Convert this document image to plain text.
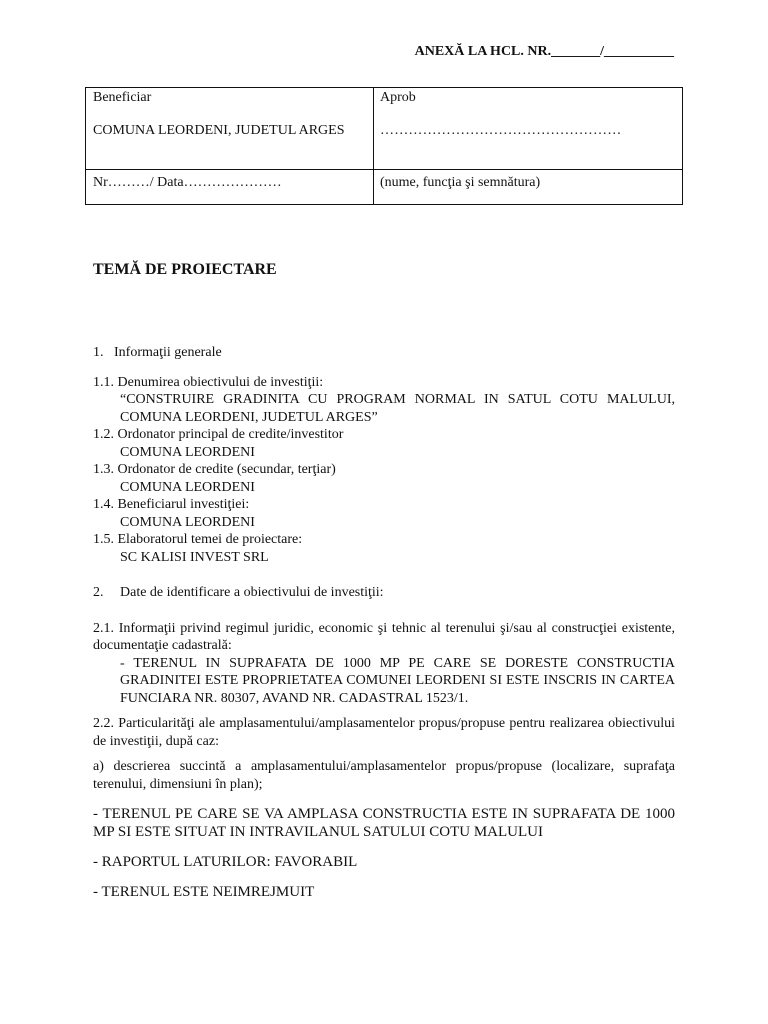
ANEXĂ LA HCL. NR._______/__________
Beneficiar
COMUNA LEORDENI, JUDETUL ARGES
Aprob
……………………………………………
Nr………/ Data…………………	(nume, funcţia şi semnătura)
TEMĂ DE PROIECTARE

1. Informaţii generale

1.1. Denumirea obiectivului de investiţii:

“CONSTRUIRE GRADINITA CU PROGRAM NORMAL IN SATUL COTU MALULUI, COMUNA LEORDENI, JUDETUL ARGES”

1.2. Ordonator principal de credite/investitor

COMUNA LEORDENI

1.3. Ordonator de credite (secundar, terţiar)

COMUNA LEORDENI

1.4. Beneficiarul investiţiei:

COMUNA LEORDENI

1.5. Elaboratorul temei de proiectare:

SC KALISI INVEST SRL

2. Date de identificare a obiectivului de investiţii:

2.1. Informaţii privind regimul juridic, economic şi tehnic al terenului şi/sau al construcţiei existente, documentaţie cadastrală:

- TERENUL IN SUPRAFATA DE 1000 MP PE CARE SE DORESTE CONSTRUCTIA GRADINITEI ESTE PROPRIETATEA COMUNEI LEORDENI SI ESTE INSCRIS IN CARTEA FUNCIARA NR. 80307, AVAND NR. CADASTRAL 1523/1.

2.2. Particularităţi ale amplasamentului/amplasamentelor propus/propuse pentru realizarea obiectivului de investiţii, după caz:

a) descrierea succintă a amplasamentului/amplasamentelor propus/propuse (localizare, suprafaţa terenului, dimensiuni în plan);

- TERENUL PE CARE SE VA AMPLASA CONSTRUCTIA ESTE IN SUPRAFATA DE 1000 MP SI ESTE SITUAT IN INTRAVILANUL SATULUI COTU MALULUI

- RAPORTUL LATURILOR: FAVORABIL

- TERENUL ESTE NEIMREJMUIT
